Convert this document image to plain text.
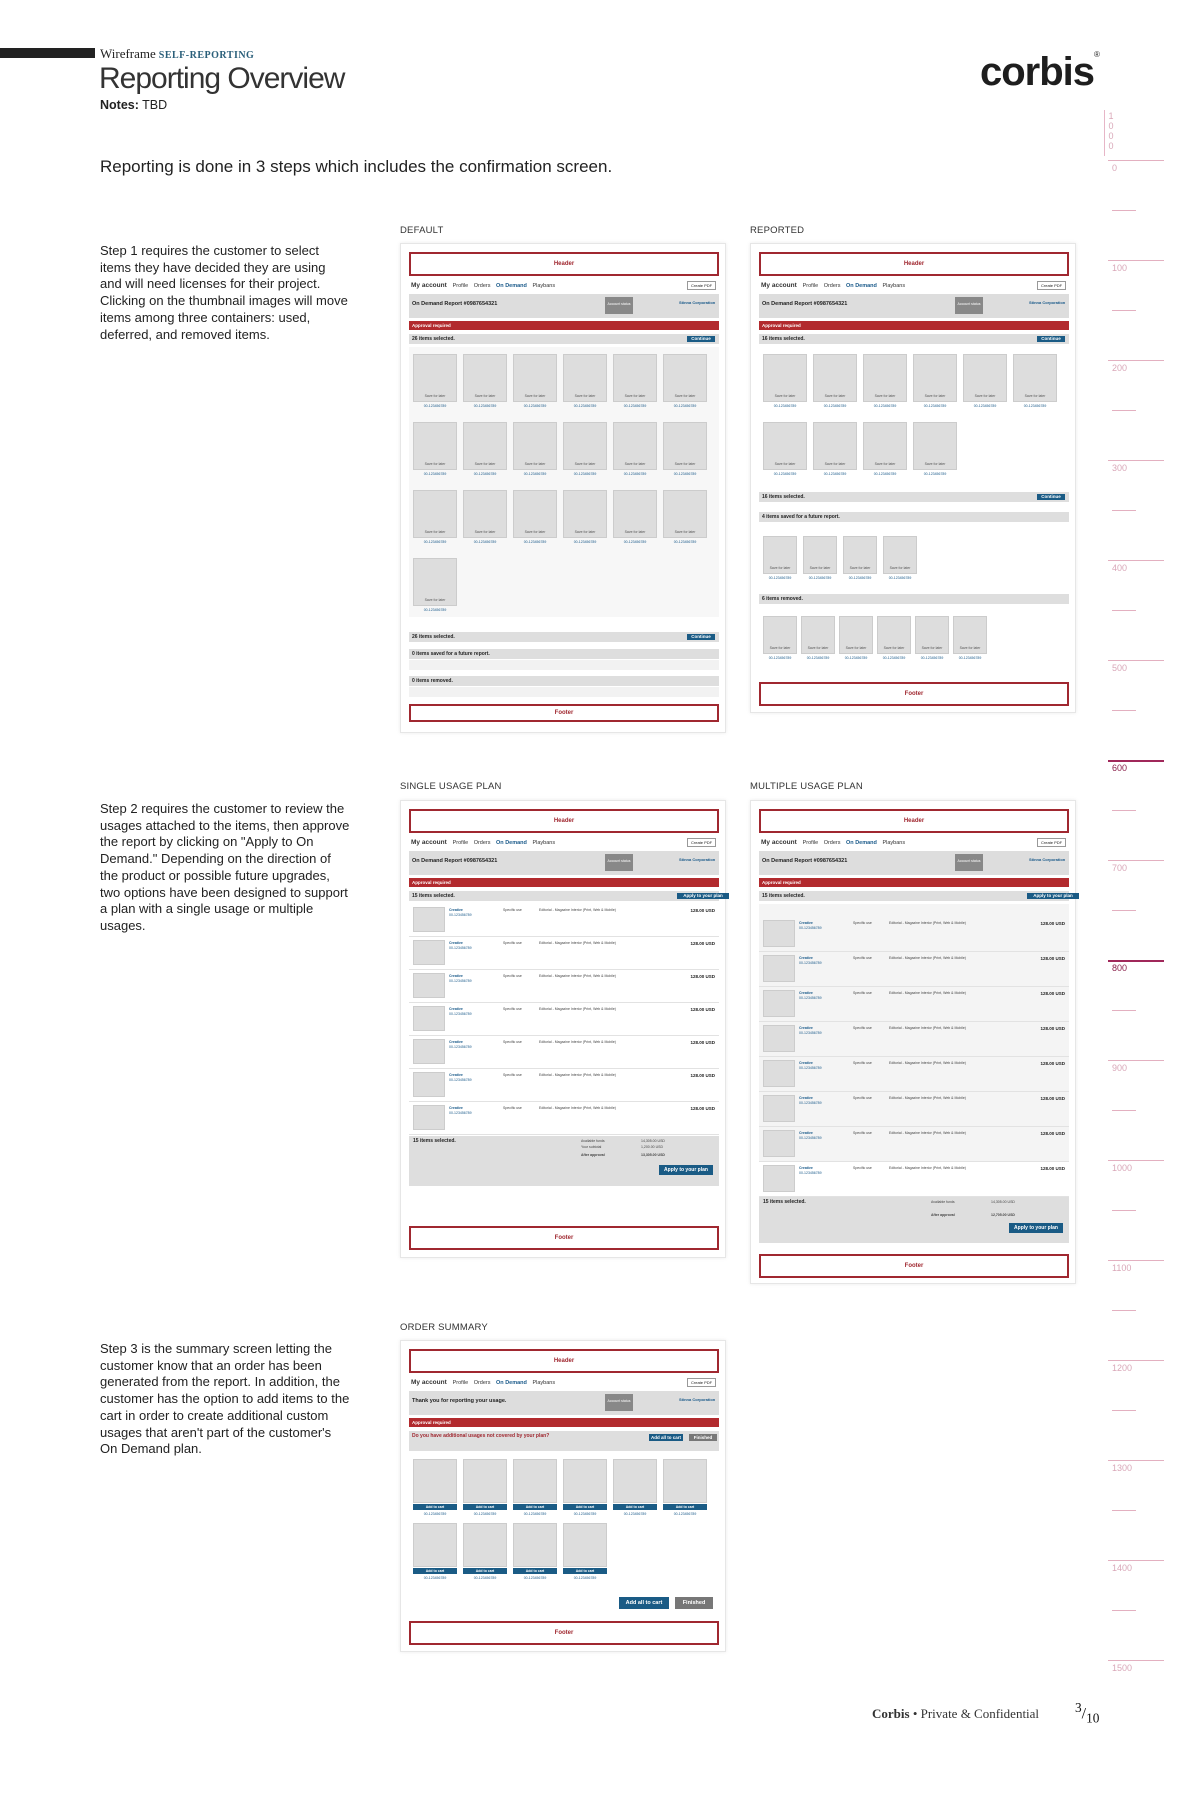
Wireframe SELF-REPORTING
Reporting Overview
Notes: TBD
corbis®
Reporting is done in 3 steps which includes the confirmation screen.
1
0
0
0
0
100
200
300
400
500
600
700
800
900
1000
1100
1200
1300
1400
1500
Step 1 requires the customer to select items they have decided they are using and will need licenses for their project. Clicking on the thumbnail images will move items among three containers: used, deferred, and removed items.
Step 2 requires the customer to review the usages attached to the items, then approve the report by clicking on "Apply to On Demand." Depending on the direction of the product or possible future upgrades, two options have been designed to support a plan with a single usage or multiple usages.
Step 3 is the summary screen letting the customer know that an order has been generated from the report. In addition, the customer has the option to add items to the cart in order to create additional custom usages that aren't part of the customer's On Demand plan.
DEFAULT	REPORTED
SINGLE USAGE PLAN	MULTIPLE USAGE PLAN
ORDER SUMMARY
Header
My account Profile Orders On Demand Playbans	Create PDF
On Demand Report #0987654321	Account status	Stinna Corporation
Approval required
26 items selected.	Continue
Save for later
00-123456789
Save for later
00-123456789
Save for later
00-123456789
Save for later
00-123456789
Save for later
00-123456789
Save for later
00-123456789
Save for later
00-123456789
Save for later
00-123456789
Save for later
00-123456789
Save for later
00-123456789
Save for later
00-123456789
Save for later
00-123456789
Save for later
00-123456789
Save for later
00-123456789
Save for later
00-123456789
Save for later
00-123456789
Save for later
00-123456789
Save for later
00-123456789
Save for later
00-123456789
26 items selected.	Continue
0 items saved for a future report.
0 items removed.
Footer
Header
My account Profile Orders On Demand Playbans	Create PDF
On Demand Report #0987654321	Account status	Stinna Corporation
Approval required
16 items selected.	Continue
Save for later
00-123456789
Save for later
00-123456789
Save for later
00-123456789
Save for later
00-123456789
Save for later
00-123456789
Save for later
00-123456789
Save for later
00-123456789
Save for later
00-123456789
Save for later
00-123456789
Save for later
00-123456789
16 items selected.	Continue
4 items saved for a future report.
Save for later
00-123456789
Save for later
00-123456789
Save for later
00-123456789
Save for later
00-123456789
6 items removed.
Save for later
00-123456789
Save for later
00-123456789
Save for later
00-123456789
Save for later
00-123456789
Save for later
00-123456789
Save for later
00-123456789
Footer
Header
My account Profile Orders On Demand Playbans	Create PDF
On Demand Report #0987654321	Account status	Stinna Corporation
Approval required
15 items selected.	Apply to your plan
Creative
00-123456789
Specific use	Editorial - Magazine Interior (Print, Web & Mobile)	128.00 USD
Creative
00-123456789
Specific use	Editorial - Magazine Interior (Print, Web & Mobile)	128.00 USD
Creative
00-123456789
Specific use	Editorial - Magazine Interior (Print, Web & Mobile)	128.00 USD
Creative
00-123456789
Specific use	Editorial - Magazine Interior (Print, Web & Mobile)	128.00 USD
Creative
00-123456789
Specific use	Editorial - Magazine Interior (Print, Web & Mobile)	128.00 USD
Creative
00-123456789
Specific use	Editorial - Magazine Interior (Print, Web & Mobile)	128.00 USD
Creative
00-123456789
Specific use	Editorial - Magazine Interior (Print, Web & Mobile)	128.00 USD
15 items selected.	Available funds	14,305.00 USD
Your subtotal	1,200.00 USD
After approval	13,305.00 USD
Apply to your plan
Footer
Header
My account Profile Orders On Demand Playbans	Create PDF
On Demand Report #0987654321	Account status	Stinna Corporation
Approval required
15 items selected.	Apply to your plan
Creative
00-123456789
Specific use	Editorial - Magazine Interior (Print, Web & Mobile)	128.00 USD
Creative
00-123456789
Specific use	Editorial - Magazine Interior (Print, Web & Mobile)	128.00 USD
Creative
00-123456789
Specific use	Editorial - Magazine Interior (Print, Web & Mobile)	128.00 USD
Creative
00-123456789
Specific use	Editorial - Magazine Interior (Print, Web & Mobile)	128.00 USD
Creative
00-123456789
Specific use	Editorial - Magazine Interior (Print, Web & Mobile)	128.00 USD
Creative
00-123456789
Specific use	Editorial - Magazine Interior (Print, Web & Mobile)	128.00 USD
Creative
00-123456789
Specific use	Editorial - Magazine Interior (Print, Web & Mobile)	128.00 USD
Creative
00-123456789
Specific use	Editorial - Magazine Interior (Print, Web & Mobile)	128.00 USD
15 items selected.	Available funds	14,305.00 USD
After approval	12,705.00 USD
Apply to your plan
Footer
Header
My account Profile Orders On Demand Playbans	Create PDF
Thank you for reporting your usage.	Account status	Stinna Corporation
Approval required
Do you have additional usages not covered by your plan?	Add all to cart	Finished
Add to cart
00-123456789
Add to cart
00-123456789
Add to cart
00-123456789
Add to cart
00-123456789
Add to cart
00-123456789
Add to cart
00-123456789
Add to cart
00-123456789
Add to cart
00-123456789
Add to cart
00-123456789
Add to cart
00-123456789
Add all to cart	Finished
Footer
Corbis • Private & Confidential	$^3/_{10}$
